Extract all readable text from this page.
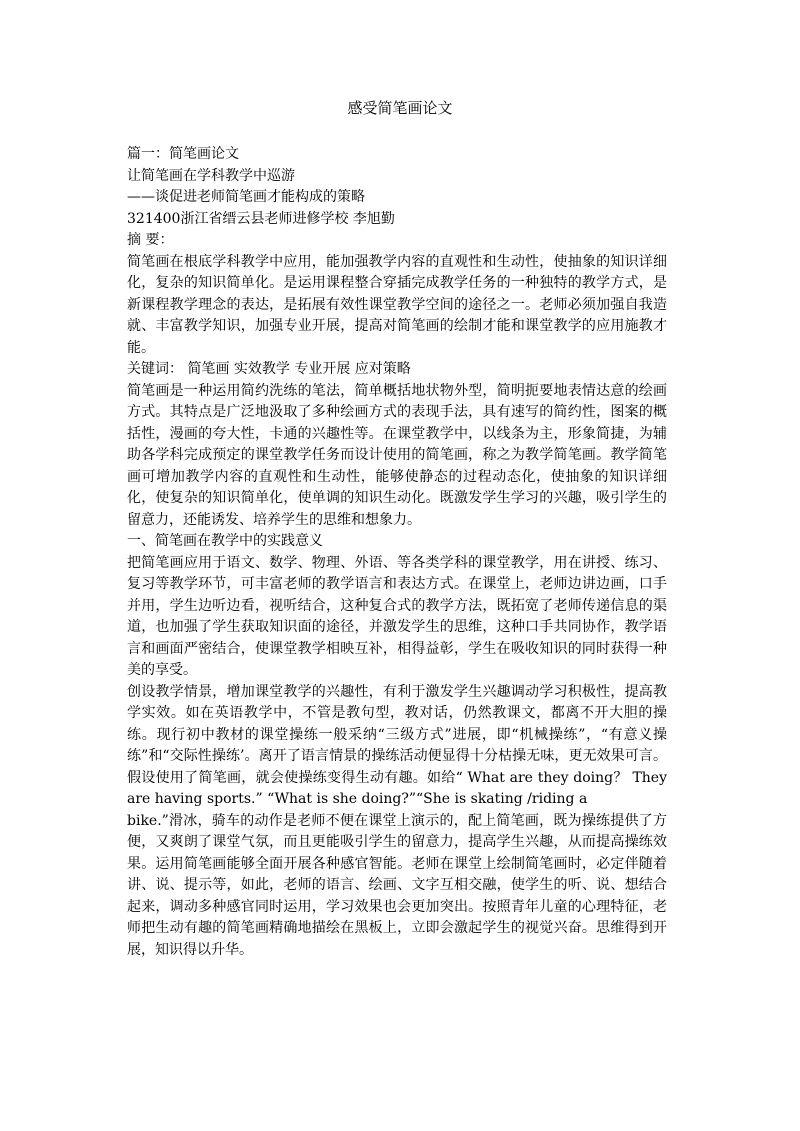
感受简笔画论文

篇一：简笔画论文

让简笔画在学科教学中巡游

——谈促进老师简笔画才能构成的策略

321400浙江省缙云县老师进修学校 李旭勤

摘 要：

简笔画在根底学科教学中应用，能加强教学内容的直观性和生动性，使抽象的知识详细化，复杂的知识简单化。是运用课程整合穿插完成教学任务的一种独特的教学方式，是新课程教学理念的表达，是拓展有效性课堂教学空间的途径之一。老师必须加强自我造就、丰富教学知识，加强专业开展，提高对简笔画的绘制才能和课堂教学的应用施教才能。

关键词： 简笔画 实效教学 专业开展 应对策略

简笔画是一种运用简约洗练的笔法，简单概括地状物外型，简明扼要地表情达意的绘画方式。其特点是广泛地汲取了多种绘画方式的表现手法，具有速写的简约性，图案的概括性，漫画的夸大性，卡通的兴趣性等。在课堂教学中，以线条为主，形象简捷，为辅助各学科完成预定的课堂教学任务而设计使用的简笔画，称之为教学简笔画。教学简笔画可增加教学内容的直观性和生动性，能够使静态的过程动态化，使抽象的知识详细化，使复杂的知识简单化，使单调的知识生动化。既激发学生学习的兴趣，吸引学生的留意力，还能诱发、培养学生的思维和想象力。

一、简笔画在教学中的实践意义

把简笔画应用于语文、数学、物理、外语、等各类学科的课堂教学，用在讲授、练习、复习等教学环节，可丰富老师的教学语言和表达方式。在课堂上，老师边讲边画，口手并用，学生边听边看，视听结合，这种复合式的教学方法，既拓宽了老师传递信息的渠道，也加强了学生获取知识面的途径，并激发学生的思维，这种口手共同协作，教学语言和画面严密结合，使课堂教学相映互补，相得益彰，学生在吸收知识的同时获得一种美的享受。

创设教学情景，增加课堂教学的兴趣性，有利于激发学生兴趣调动学习积极性，提高教学实效。如在英语教学中，不管是教句型，教对话，仍然教课文，都离不开大胆的操练。现行初中教材的课堂操练一般采纳“三级方式”进展，即“机械操练”，“有意义操练”和“交际性操练’。离开了语言情景的操练活动便显得十分枯操无味，更无效果可言。假设使用了简笔画，就会使操练变得生动有趣。如给“ What are they doing？ They are having sports.” “What is she doing?”“She is skating /riding a

bike.”滑冰，骑车的动作是老师不便在课堂上演示的，配上简笔画，既为操练提供了方便，又爽朗了课堂气氛，而且更能吸引学生的留意力，提高学生兴趣，从而提高操练效果。运用简笔画能够全面开展各种感官智能。老师在课堂上绘制简笔画时，必定伴随着讲、说、提示等，如此，老师的语言、绘画、文字互相交融，使学生的听、说、想结合起来，调动多种感官同时运用，学习效果也会更加突出。按照青年儿童的心理特征，老师把生动有趣的简笔画精确地描绘在黑板上，立即会激起学生的视觉兴奋。思维得到开展，知识得以升华。
